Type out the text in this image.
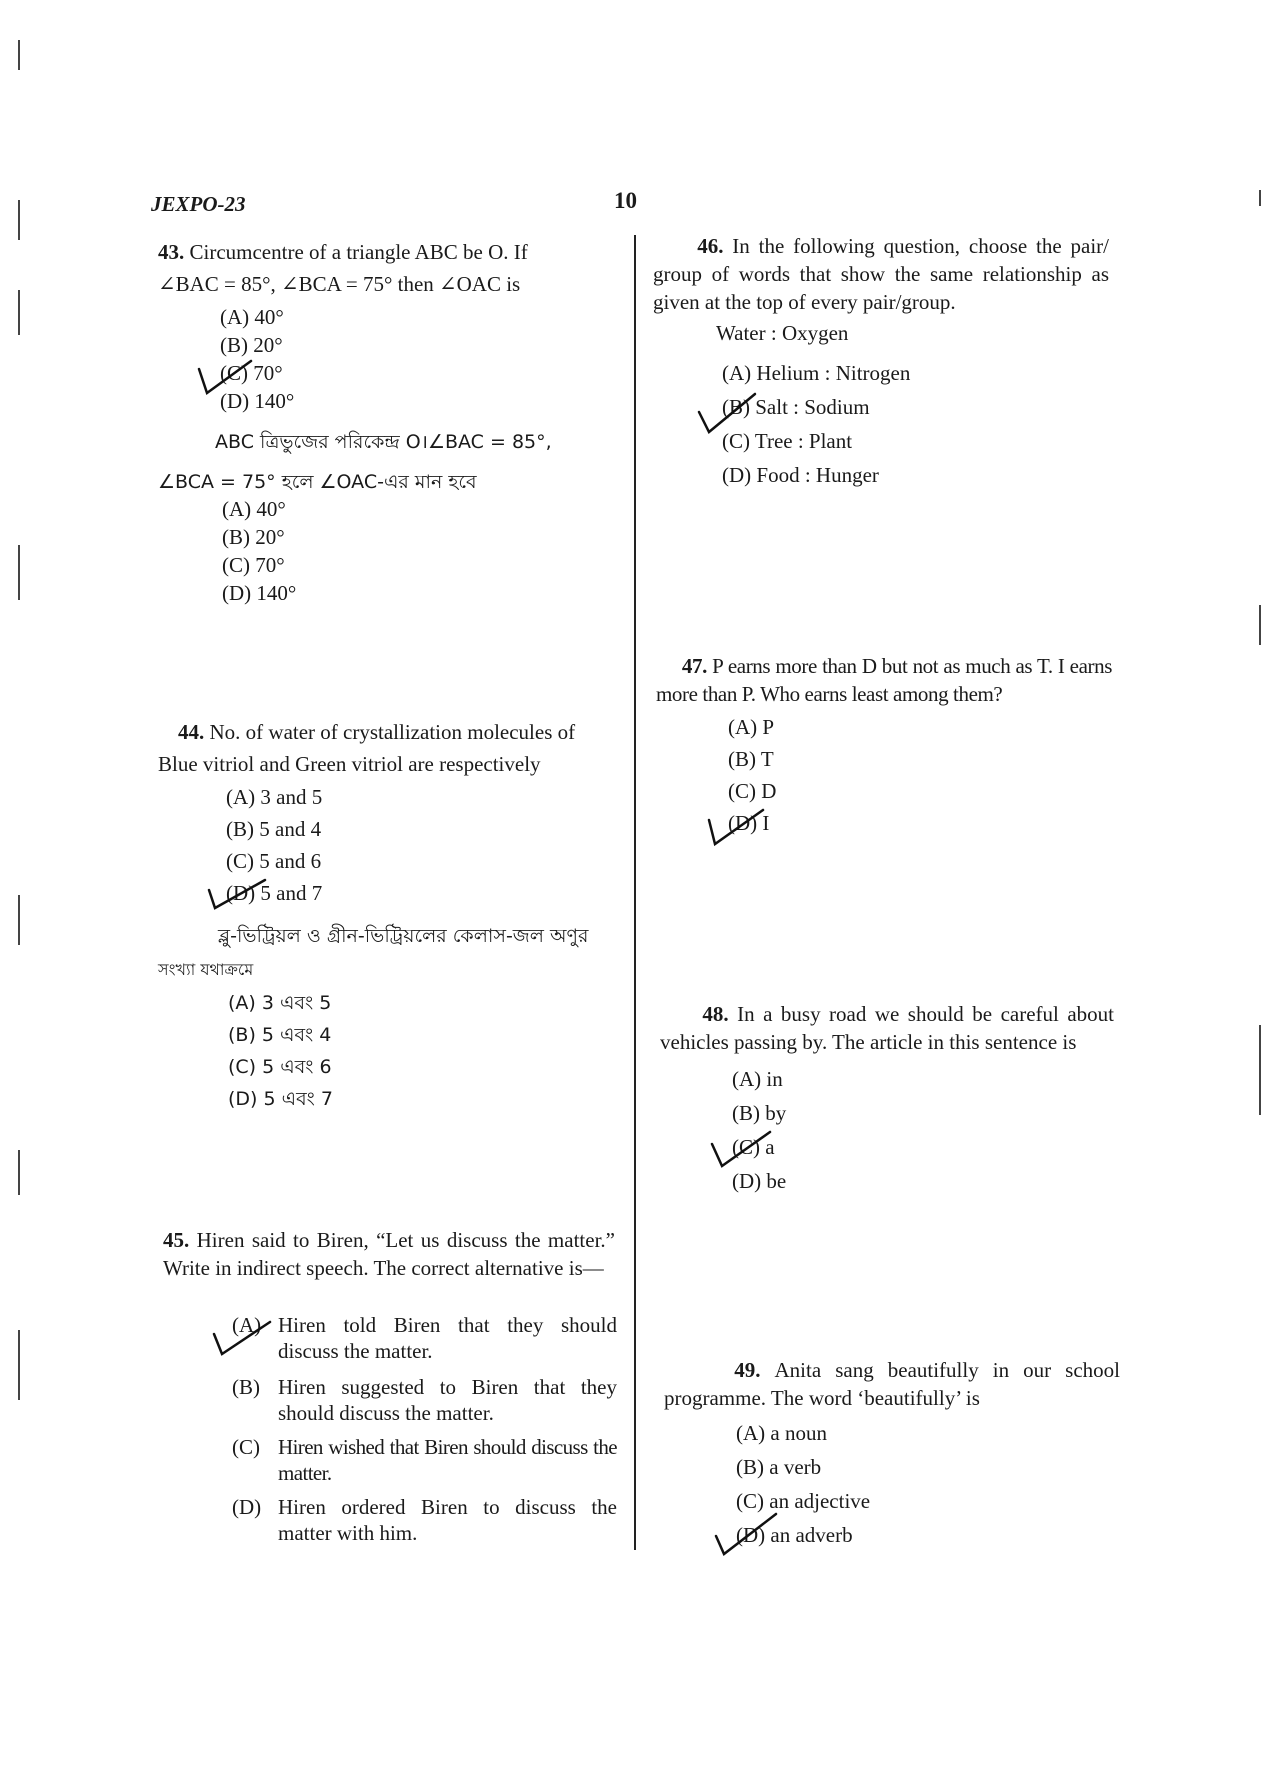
JEXPO-23	10
43. Circumcentre of a triangle ABC be O. If
∠BAC = 85°, ∠BCA = 75° then ∠OAC is
(A) 40°
(B) 20°
(C) 70°
(D) 140°
ABC ত্রিভুজের পরিকেন্দ্র O।∠BAC = 85°,
∠BCA = 75° হলে ∠OAC-এর মান হবে
(A) 40°
(B) 20°
(C) 70°
(D) 140°
44. No. of water of crystallization molecules of
Blue vitriol and Green vitriol are respectively
(A) 3 and 5
(B) 5 and 4
(C) 5 and 6
(D) 5 and 7
ব্লু-ভিট্রিয়ল ও গ্রীন-ভিট্রিয়লের কেলাস-জল অণুর
সংখ্যা যথাক্রমে
(A) 3 এবং 5
(B) 5 এবং 4
(C) 5 এবং 6
(D) 5 এবং 7
45. Hiren said to Biren, “Let us discuss the matter.” Write in indirect speech. The correct alternative is—
(A) Hiren told Biren that they should discuss the matter.
(B) Hiren suggested to Biren that they should discuss the matter.
(C) Hiren wished that Biren should discuss the matter.
(D) Hiren ordered Biren to discuss the matter with him.
46. In the following question, choose the pair/ group of words that show the same relationship as given at the top of every pair/group.
Water : Oxygen
(A) Helium : Nitrogen
(B) Salt : Sodium
(C) Tree : Plant
(D) Food : Hunger
47. P earns more than D but not as much as T. I earns more than P. Who earns least among them?
(A) P
(B) T
(C) D
(D) I
48. In a busy road we should be careful about vehicles passing by. The article in this sentence is
(A) in
(B) by
(C) a
(D) be
49. Anita sang beautifully in our school programme. The word ‘beautifully’ is
(A) a noun
(B) a verb
(C) an adjective
(D) an adverb
